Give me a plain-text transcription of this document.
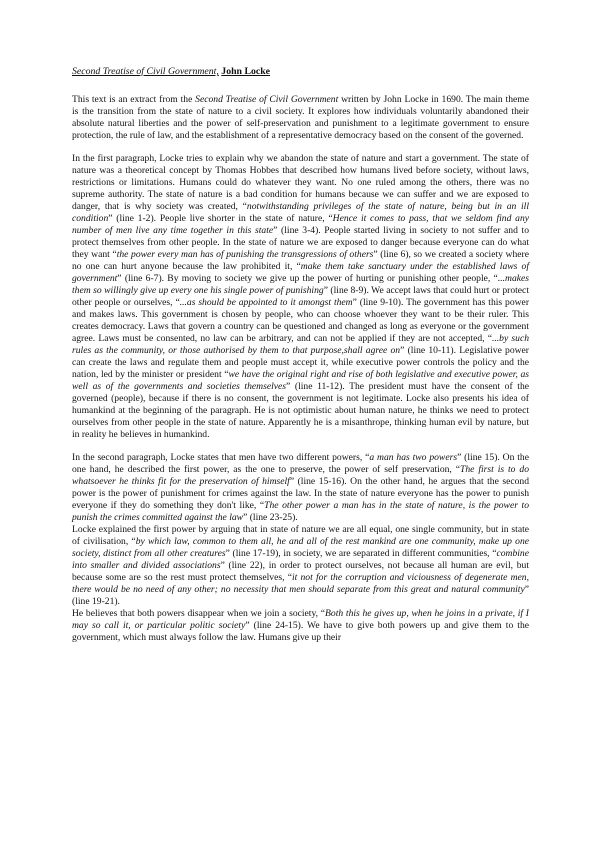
Second Treatise of Civil Government, John Locke

This text is an extract from the Second Treatise of Civil Government written by John Locke in 1690. The main theme is the transition from the state of nature to a civil society. It explores how individuals voluntarily abandoned their absolute natural liberties and the power of self-preservation and punishment to a legitimate government to ensure protection, the rule of law, and the establishment of a representative democracy based on the consent of the governed.

In the first paragraph, Locke tries to explain why we abandon the state of nature and start a government. The state of nature was a theoretical concept by Thomas Hobbes that described how humans lived before society, without laws, restrictions or limitations. Humans could do whatever they want. No one ruled among the others, there was no supreme authority. The state of nature is a bad condition for humans because we can suffer and we are exposed to danger, that is why society was created, “notwithstanding privileges of the state of nature, being but in an ill condition” (line 1-2). People live shorter in the state of nature, “Hence it comes to pass, that we seldom find any number of men live any time together in this state” (line 3-4). People started living in society to not suffer and to protect themselves from other people. In the state of nature we are exposed to danger because everyone can do what they want “the power every man has of punishing the transgressions of others” (line 6), so we created a society where no one can hurt anyone because the law prohibited it, “make them take sanctuary under the established laws of government” (line 6-7). By moving to society we give up the power of hurting or punishing other people, “...makes them so willingly give up every one his single power of punishing” (line 8-9). We accept laws that could hurt or protect other people or ourselves, “...as should be appointed to it amongst them” (line 9-10). The government has this power and makes laws. This government is chosen by people, who can choose whoever they want to be their ruler. This creates democracy. Laws that govern a country can be questioned and changed as long as everyone or the government agree. Laws must be consented, no law can be arbitrary, and can not be applied if they are not accepted, “...by such rules as the community, or those authorised by them to that purpose,shall agree on” (line 10-11). Legislative power can create the laws and regulate them and people must accept it, while executive power controls the policy and the nation, led by the minister or president “we have the original right and rise of both legislative and executive power, as well as of the governments and societies themselves” (line 11-12). The president must have the consent of the governed (people), because if there is no consent, the government is not legitimate. Locke also presents his idea of humankind at the beginning of the paragraph. He is not optimistic about human nature, he thinks we need to protect ourselves from other people in the state of nature. Apparently he is a misanthrope, thinking human evil by nature, but in reality he believes in humankind.

In the second paragraph, Locke states that men have two different powers, “a man has two powers” (line 15). On the one hand, he described the first power, as the one to preserve, the power of self preservation, “The first is to do whatsoever he thinks fit for the preservation of himself” (line 15-16). On the other hand, he argues that the second power is the power of punishment for crimes against the law. In the state of nature everyone has the power to punish everyone if they do something they don't like, “The other power a man has in the state of nature, is the power to punish the crimes committed against the law” (line 23-25).

Locke explained the first power by arguing that in state of nature we are all equal, one single community, but in state of civilisation, “by which law, common to them all, he and all of the rest mankind are one community, make up one society, distinct from all other creatures” (line 17-19), in society, we are separated in different communities, “combine into smaller and divided associations” (line 22), in order to protect ourselves, not because all human are evil, but because some are so the rest must protect themselves, “it not for the corruption and viciousness of degenerate men, there would be no need of any other; no necessity that men should separate from this great and natural community” (line 19-21).

He believes that both powers disappear when we join a society, “Both this he gives up, when he joins in a private, if I may so call it, or particular politic society” (line 24-15). We have to give both powers up and give them to the government, which must always follow the law. Humans give up their
